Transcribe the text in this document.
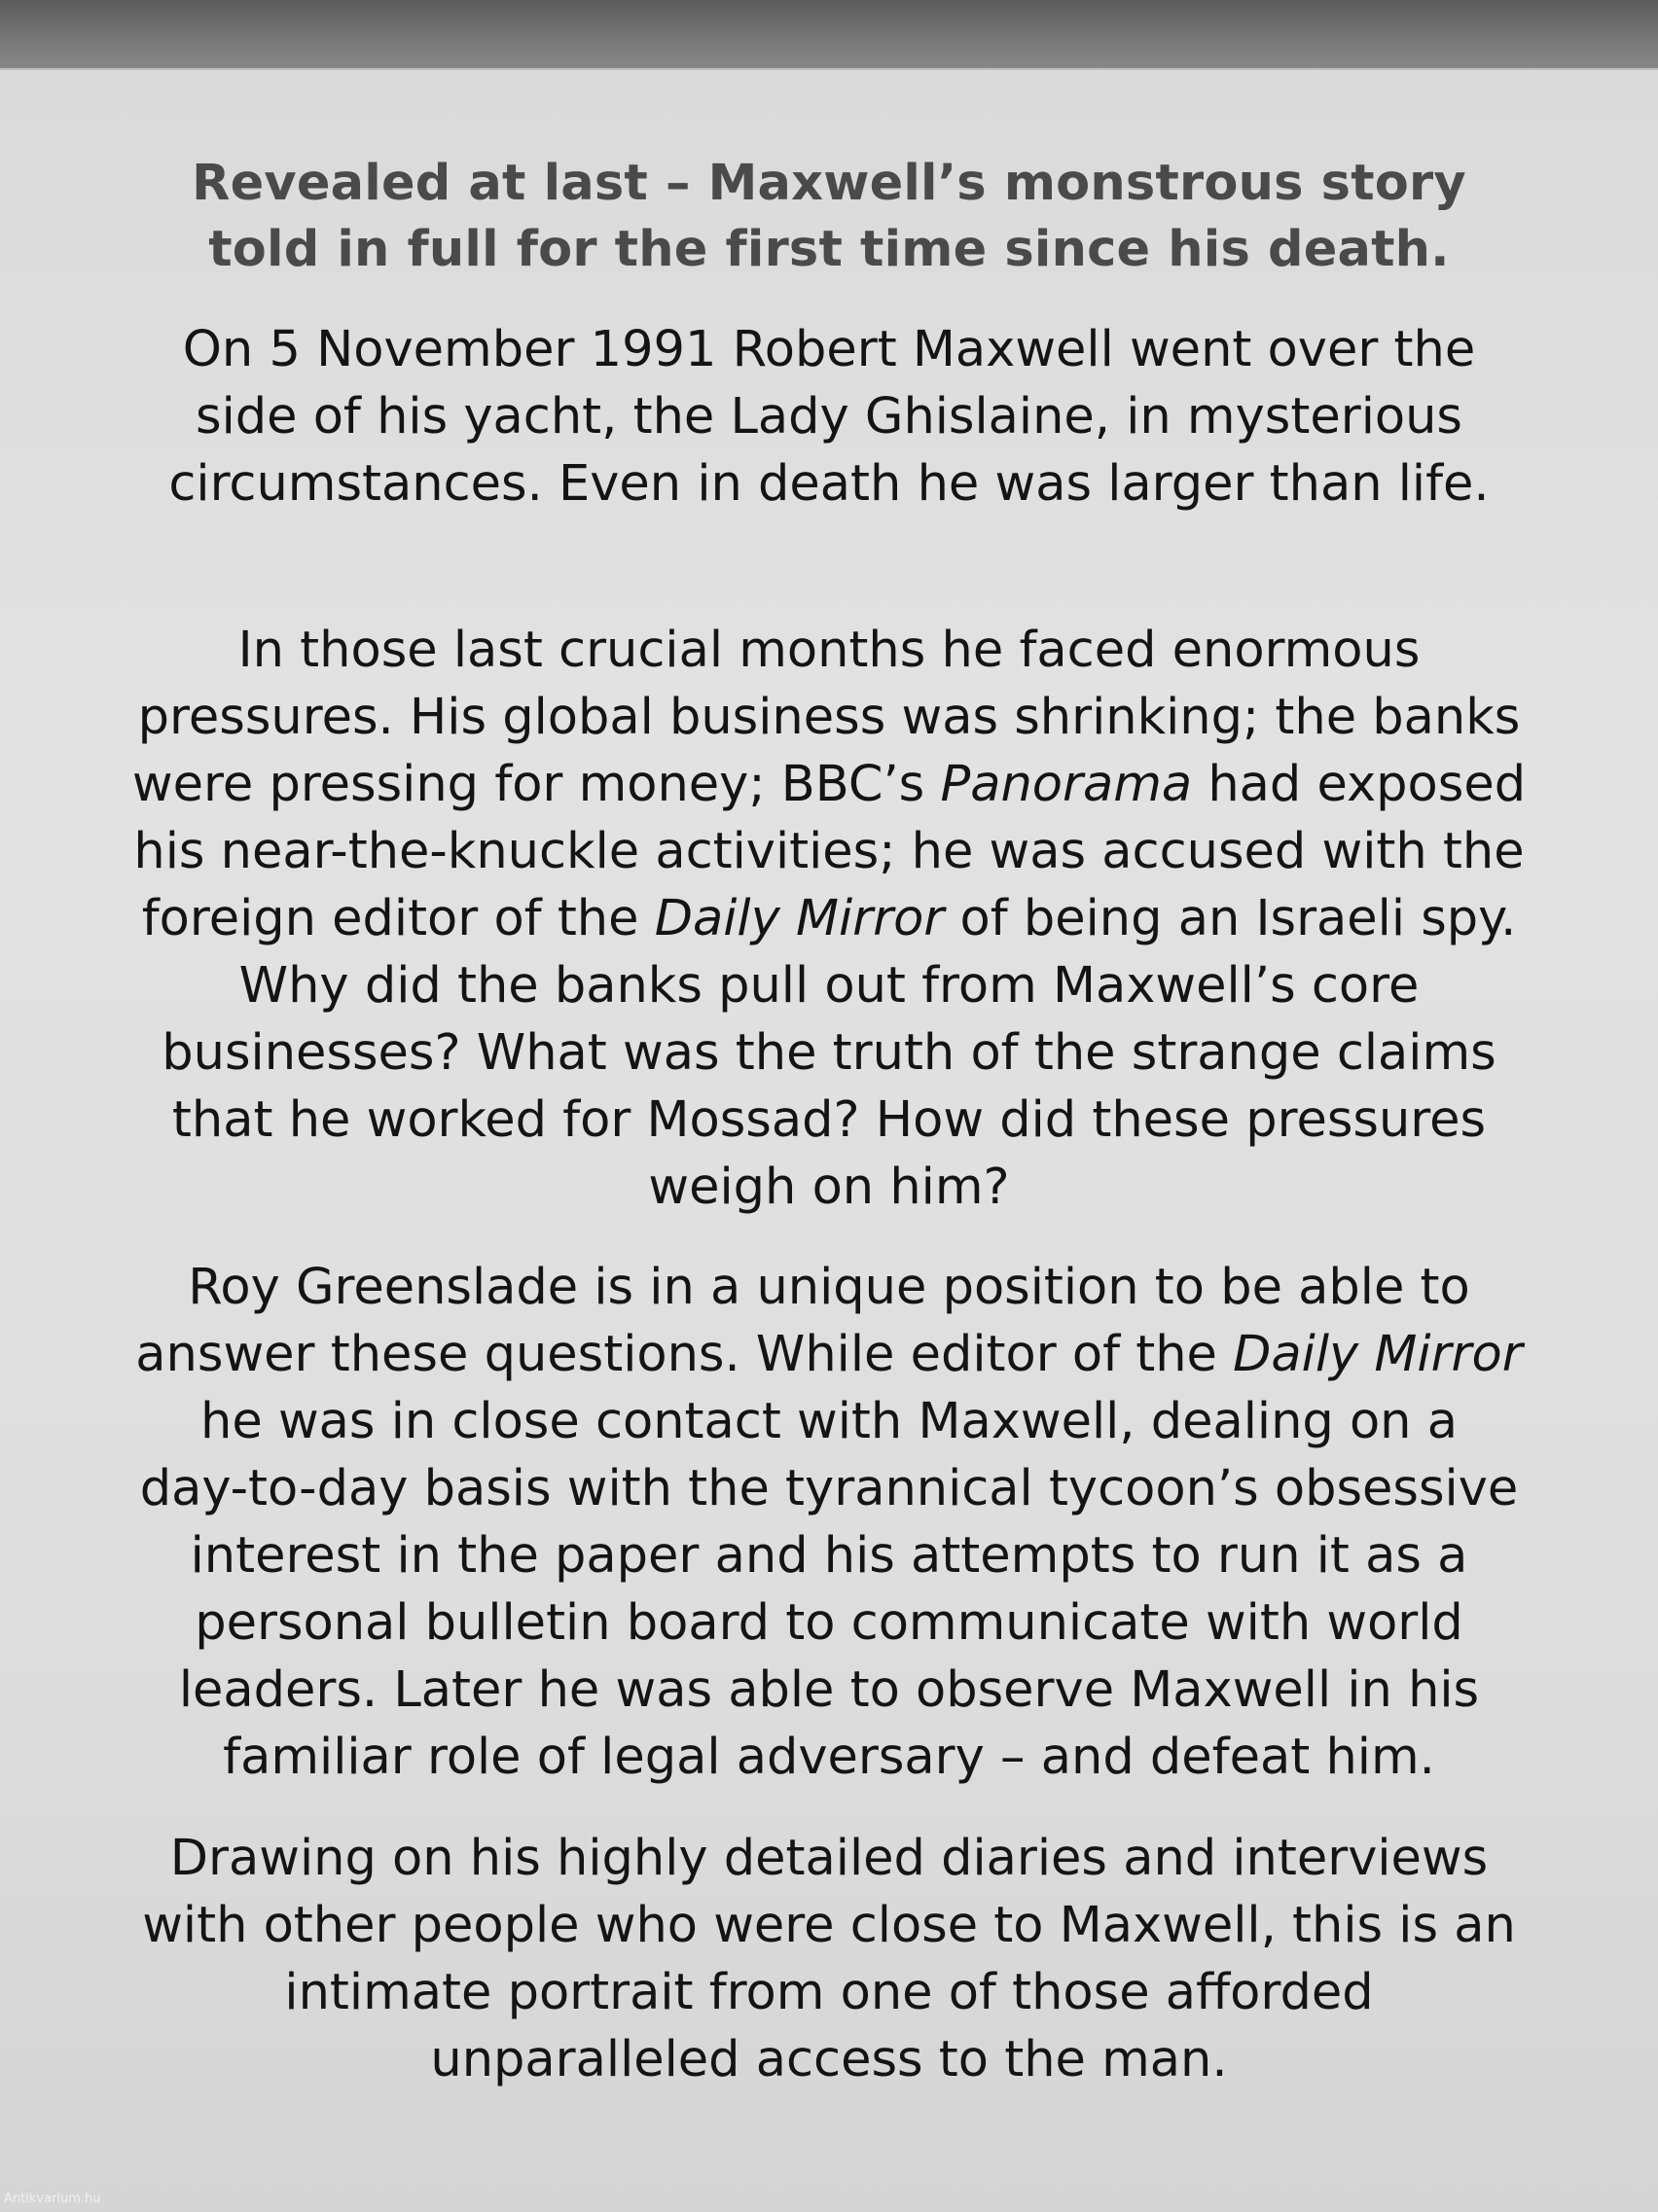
Revealed at last – Maxwell’s monstrous story
told in full for the first time since his death.

On 5 November 1991 Robert Maxwell went over the
side of his yacht, the Lady Ghislaine, in mysterious
circumstances. Even in death he was larger than life.

In those last crucial months he faced enormous
pressures. His global business was shrinking; the banks
were pressing for money; BBC’s Panorama had exposed
his near-the-knuckle activities; he was accused with the
foreign editor of the Daily Mirror of being an Israeli spy.
Why did the banks pull out from Maxwell’s core
businesses? What was the truth of the strange claims
that he worked for Mossad? How did these pressures
weigh on him?

Roy Greenslade is in a unique position to be able to
answer these questions. While editor of the Daily Mirror
he was in close contact with Maxwell, dealing on a
day-to-day basis with the tyrannical tycoon’s obsessive
interest in the paper and his attempts to run it as a
personal bulletin board to communicate with world
leaders. Later he was able to observe Maxwell in his
familiar role of legal adversary – and defeat him.

Drawing on his highly detailed diaries and interviews
with other people who were close to Maxwell, this is an
intimate portrait from one of those afforded
unparalleled access to the man.

Antikvarium.hu
